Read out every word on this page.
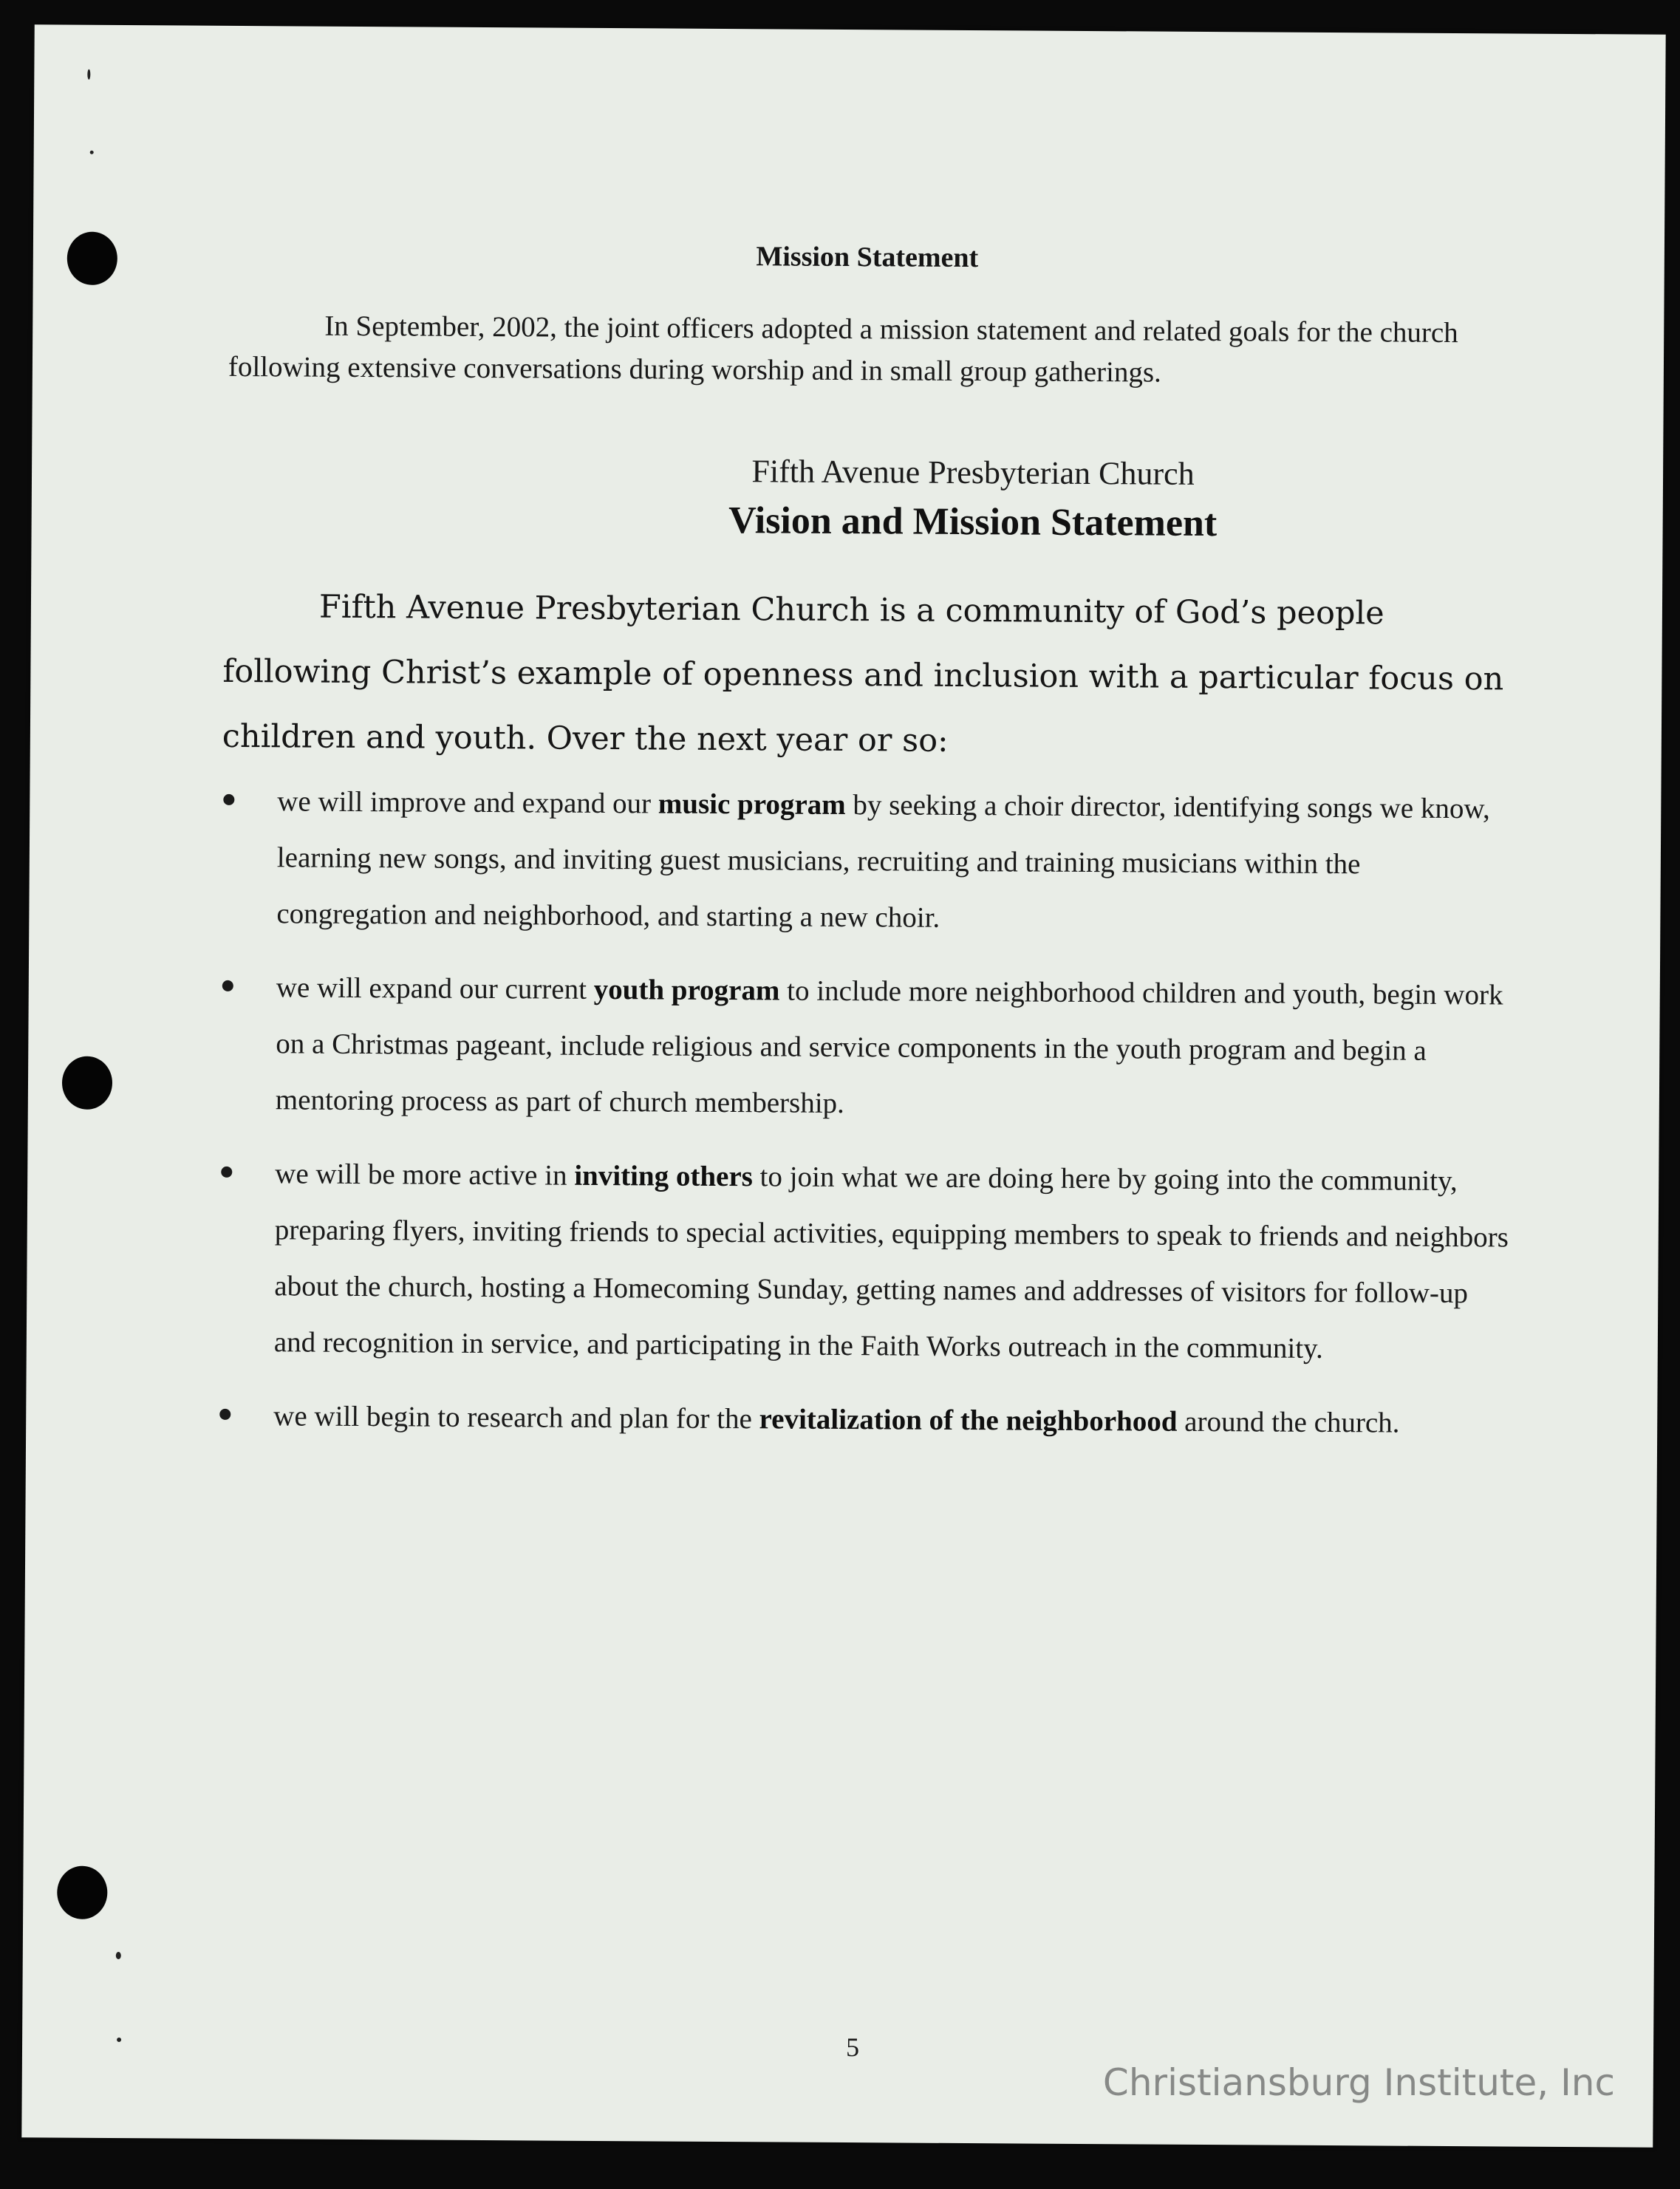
Mission Statement
In September, 2002, the joint officers adopted a mission statement and related goals for the church following extensive conversations during worship and in small group gatherings.
Fifth Avenue Presbyterian Church
Vision and Mission Statement
Fifth Avenue Presbyterian Church is a community of God’s people following Christ’s example of openness and inclusion with a particular focus on children and youth. Over the next year or so:
we will improve and expand our music program by seeking a choir director, identifying songs we know, learning new songs, and inviting guest musicians, recruiting and training musicians within the congregation and neighborhood, and starting a new choir.
we will expand our current youth program to include more neighborhood children and youth, begin work on a Christmas pageant, include religious and service components in the youth program and begin a mentoring process as part of church membership.
we will be more active in inviting others to join what we are doing here by going into the community, preparing flyers, inviting friends to special activities, equipping members to speak to friends and neighbors about the church, hosting a Homecoming Sunday, getting names and addresses of visitors for follow-up and recognition in service, and participating in the Faith Works outreach in the community.
we will begin to research and plan for the revitalization of the neighborhood around the church.
5
Christiansburg Institute, Inc
